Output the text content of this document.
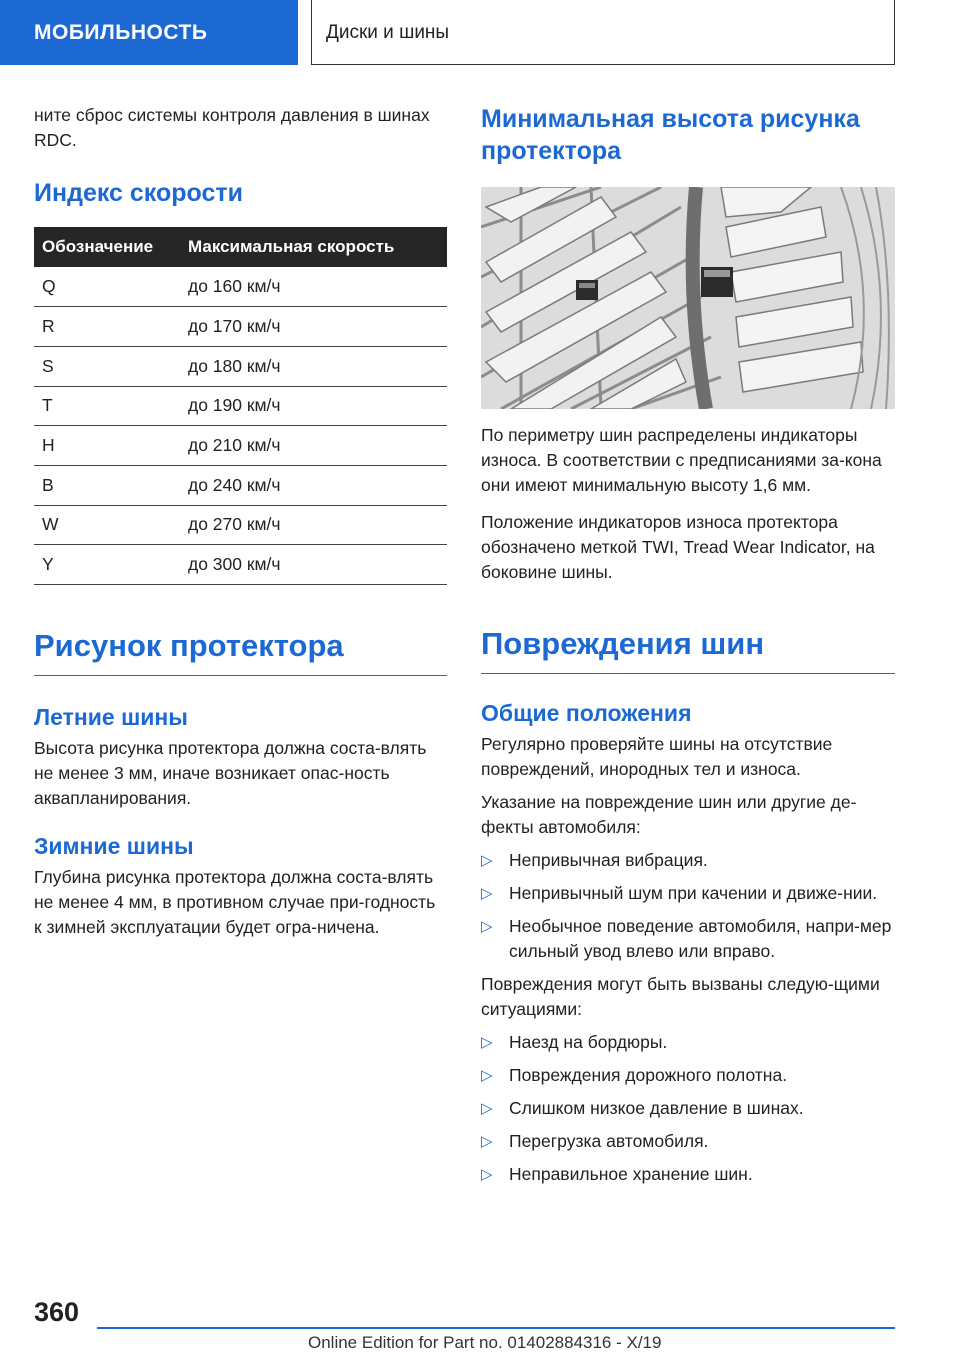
МОБИЛЬНОСТЬ	Диски и шины

ните сброс системы контроля давления в шинах RDC.

Индекс скорости
Обозначение	Максимальная скорость
Q	до 160 км/ч
R	до 170 км/ч
S	до 180 км/ч
T	до 190 км/ч
H	до 210 км/ч
B	до 240 км/ч
W	до 270 км/ч
Y	до 300 км/ч
Рисунок протектора
Летние шины

Высота рисунка протектора должна соста-влять не менее 3 мм, иначе возникает опас-ность аквапланирования.

Зимние шины

Глубина рисунка протектора должна соста-влять не менее 4 мм, в противном случае при-годность к зимней эксплуатации будет огра-ничена.

Минимальная высота рисунка протектора

По периметру шин распределены индикаторы износа. В соответствии с предписаниями за-кона они имеют минимальную высоту 1,6 мм.

Положение индикаторов износа протектора обозначено меткой TWI, Tread Wear Indicator, на боковине шины.

Повреждения шин
Общие положения

Регулярно проверяйте шины на отсутствие повреждений, инородных тел и износа.

Указание на повреждение шин или другие де-фекты автомобиля:

▷ Непривычная вибрация.
▷ Непривычный шум при качении и движе-нии.
▷ Необычное поведение автомобиля, напри-мер сильный увод влево или вправо.

Повреждения могут быть вызваны следую-щими ситуациями:

▷ Наезд на бордюры.
▷ Повреждения дорожного полотна.
▷ Слишком низкое давление в шинах.
▷ Перегрузка автомобиля.
▷ Неправильное хранение шин.
360
Online Edition for Part no. 01402884316 - X/19
